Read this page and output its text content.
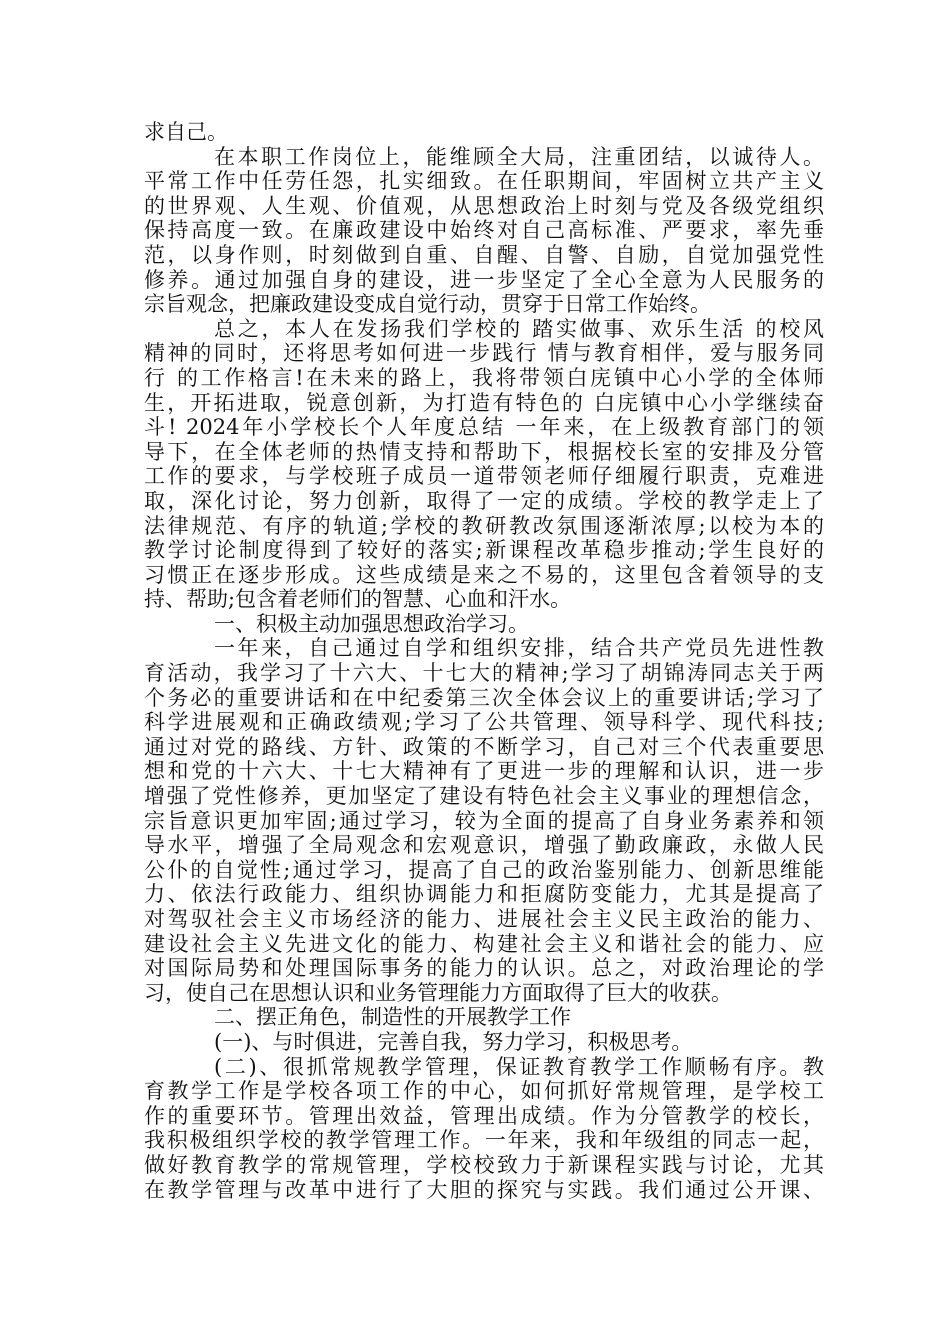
求自己。
在本职工作岗位上，能维顾全大局，注重团结，以诚待人。
平常工作中任劳任怨，扎实细致。在任职期间，牢固树立共产主义
的世界观、人生观、价值观，从思想政治上时刻与党及各级党组织
保持高度一致。在廉政建设中始终对自己高标准、严要求，率先垂
范，以身作则，时刻做到自重、自醒、自警、自励，自觉加强党性
修养。通过加强自身的建设，进一步坚定了全心全意为人民服务的
宗旨观念，把廉政建设变成自觉行动，贯穿于日常工作始终。
总之，本人在发扬我们学校的 踏实做事、欢乐生活 的校风
精神的同时，还将思考如何进一步践行 情与教育相伴，爱与服务同
行 的工作格言!在未来的路上，我将带领白庑镇中心小学的全体师
生，开拓进取，锐意创新，为打造有特色的 白庑镇中心小学继续奋
斗! 2024年小学校长个人年度总结 一年来，在上级教育部门的领
导下，在全体老师的热情支持和帮助下，根据校长室的安排及分管
工作的要求，与学校班子成员一道带领老师仔细履行职责，克难进
取，深化讨论，努力创新，取得了一定的成绩。学校的教学走上了
法律规范、有序的轨道;学校的教研教改氛围逐渐浓厚;以校为本的
教学讨论制度得到了较好的落实;新课程改革稳步推动;学生良好的
习惯正在逐步形成。这些成绩是来之不易的，这里包含着领导的支
持、帮助;包含着老师们的智慧、心血和汗水。
一、积极主动加强思想政治学习。
一年来，自己通过自学和组织安排，结合共产党员先进性教
育活动，我学习了十六大、十七大的精神;学习了胡锦涛同志关于两
个务必的重要讲话和在中纪委第三次全体会议上的重要讲话;学习了
科学进展观和正确政绩观;学习了公共管理、领导科学、现代科技;
通过对党的路线、方针、政策的不断学习，自己对三个代表重要思
想和党的十六大、十七大精神有了更进一步的理解和认识，进一步
增强了党性修养，更加坚定了建设有特色社会主义事业的理想信念，
宗旨意识更加牢固;通过学习，较为全面的提高了自身业务素养和领
导水平，增强了全局观念和宏观意识，增强了勤政廉政，永做人民
公仆的自觉性;通过学习，提高了自己的政治鉴别能力、创新思维能
力、依法行政能力、组织协调能力和拒腐防变能力，尤其是提高了
对驾驭社会主义市场经济的能力、进展社会主义民主政治的能力、
建设社会主义先进文化的能力、构建社会主义和谐社会的能力、应
对国际局势和处理国际事务的能力的认识。总之，对政治理论的学
习，使自己在思想认识和业务管理能力方面取得了巨大的收获。
二、摆正角色，制造性的开展教学工作
(一)、与时俱进，完善自我，努力学习，积极思考。
(二)、很抓常规教学管理，保证教育教学工作顺畅有序。教
育教学工作是学校各项工作的中心，如何抓好常规管理，是学校工
作的重要环节。管理出效益，管理出成绩。作为分管教学的校长，
我积极组织学校的教学管理工作。一年来，我和年级组的同志一起，
做好教育教学的常规管理，学校校致力于新课程实践与讨论，尤其
在教学管理与改革中进行了大胆的探究与实践。我们通过公开课、
